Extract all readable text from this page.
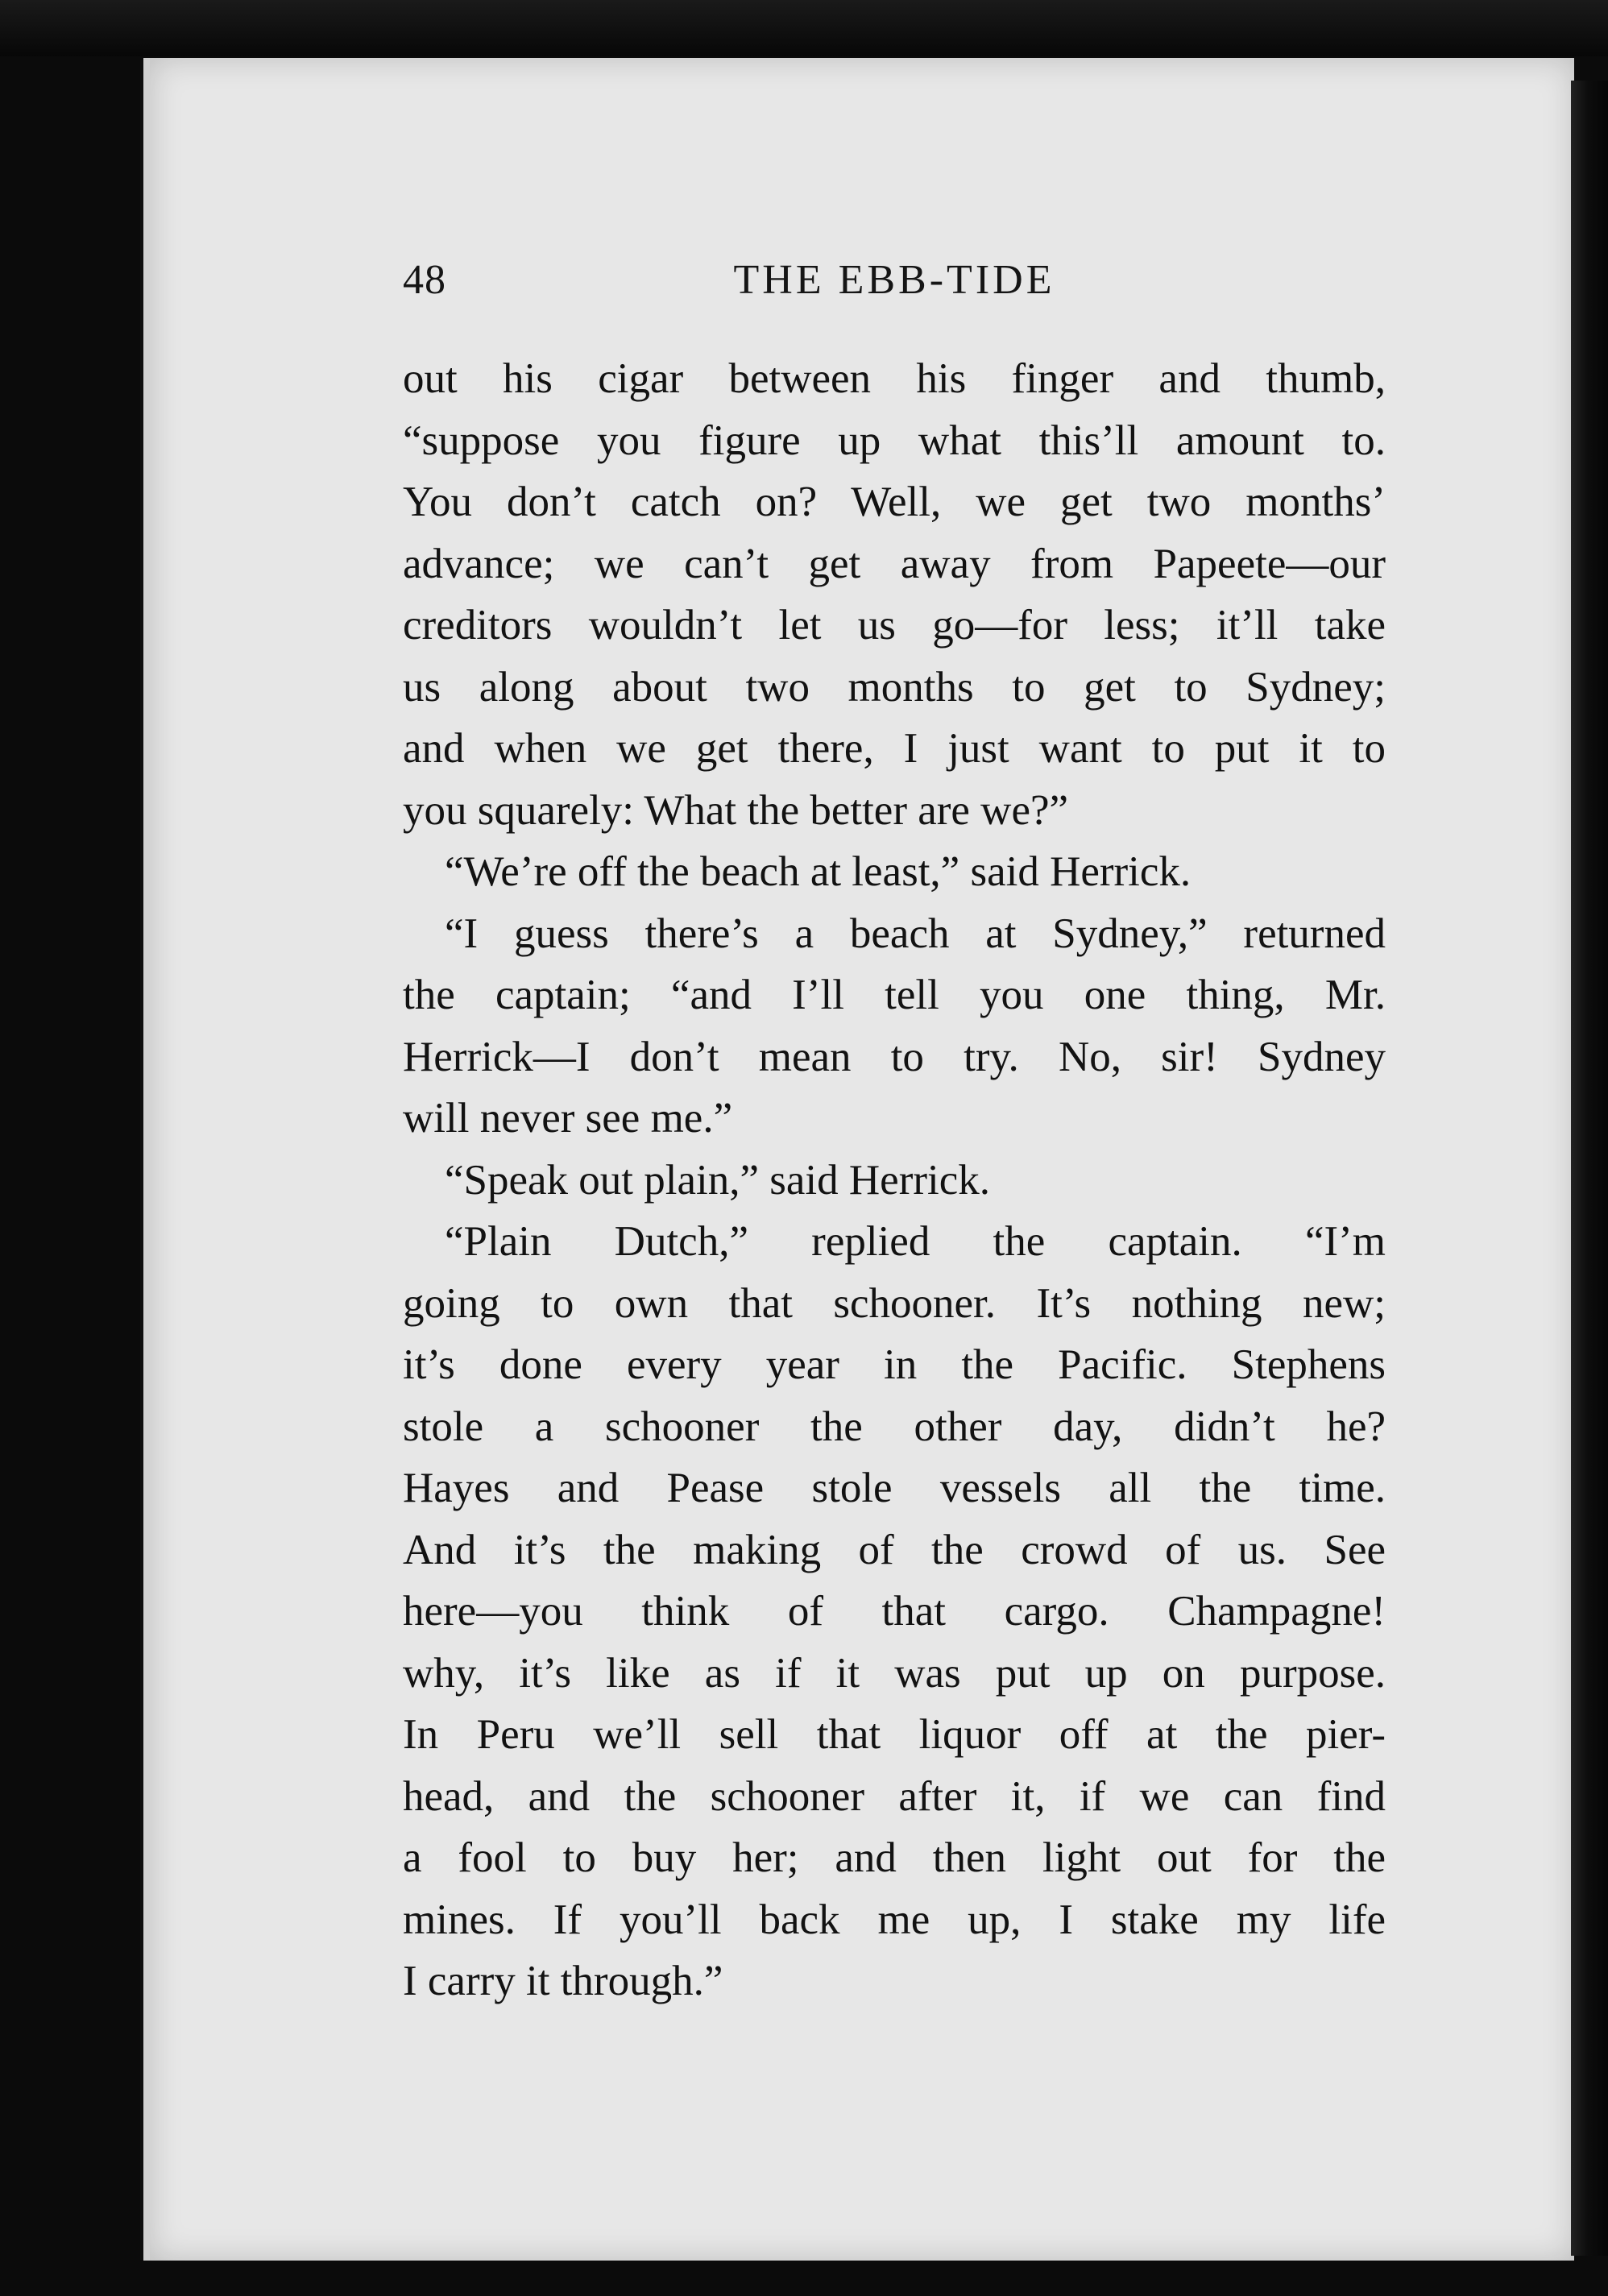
48	THE EBB-TIDE
out his cigar between his finger and thumb,
“suppose you figure up what this’ll amount to.
You don’t catch on? Well, we get two months’
advance; we can’t get away from Papeete—our
creditors wouldn’t let us go—for less; it’ll take
us along about two months to get to Sydney;
and when we get there, I just want to put it to
you squarely: What the better are we?”
“We’re off the beach at least,” said Herrick.
“I guess there’s a beach at Sydney,” returned
the captain; “and I’ll tell you one thing, Mr.
Herrick—I don’t mean to try. No, sir! Sydney
will never see me.”
“Speak out plain,” said Herrick.
“Plain Dutch,” replied the captain. “I’m
going to own that schooner. It’s nothing new;
it’s done every year in the Pacific. Stephens
stole a schooner the other day, didn’t he?
Hayes and Pease stole vessels all the time.
And it’s the making of the crowd of us. See
here—you think of that cargo. Champagne!
why, it’s like as if it was put up on purpose.
In Peru we’ll sell that liquor off at the pier-
head, and the schooner after it, if we can find
a fool to buy her; and then light out for the
mines. If you’ll back me up, I stake my life
I carry it through.”
